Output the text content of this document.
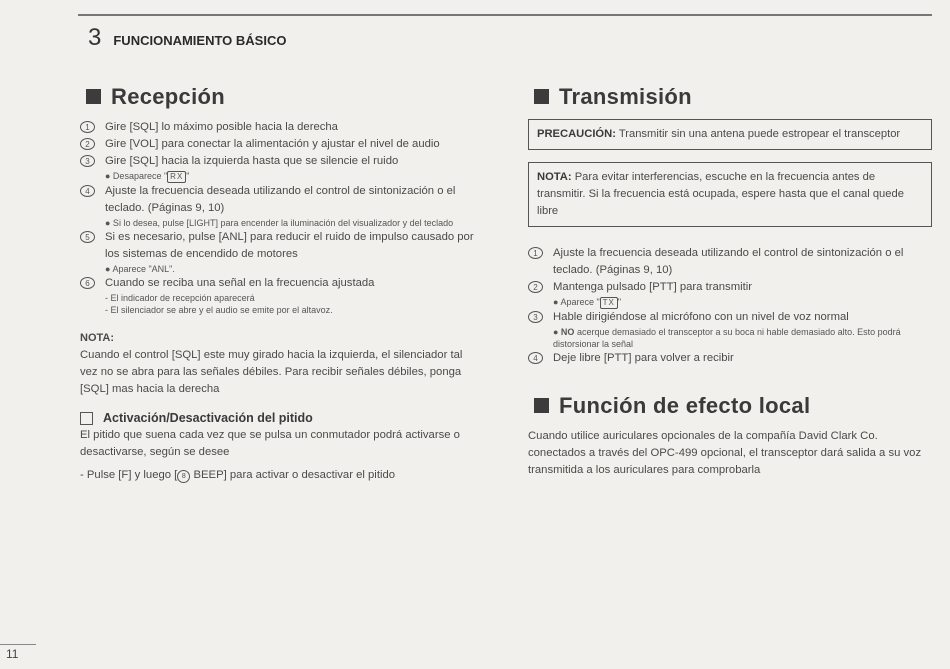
3 FUNCIONAMIENTO BÁSICO
Recepción
1	Gire [SQL] lo máximo posible hacia la derecha
2	Gire [VOL] para conectar la alimentación y ajustar el nivel de audio
3	Gire [SQL] hacia la izquierda hasta que se silencie el ruido
● Desaparece " RX "
4	Ajuste la frecuencia deseada utilizando el control de sintonización o el teclado. (Páginas 9, 10)
● Si lo desea, pulse [LIGHT] para encender la iluminación del visualizador y del teclado
5	Si es necesario, pulse [ANL] para reducir el ruido de impulso causado por los sistemas de encendido de motores
● Aparece "ANL".
6	Cuando se reciba una señal en la frecuencia ajustada
- El indicador de recepción aparecerá
- El silenciador se abre y el audio se emite por el altavoz.
NOTA:
Cuando el control [SQL] este muy girado hacia la izquierda, el silenciador tal vez no se abra para las señales débiles. Para recibir señales débiles, ponga [SQL] mas hacia la derecha
Activación/Desactivación del pitido
El pitido que suena cada vez que se pulsa un conmutador podrá activarse o desactivarse, según se desee
- Pulse [F] y luego [ 8 BEEP] para activar o desactivar el pitido
Transmisión
PRECAUCIÓN: Transmitir sin una antena puede estropear el transceptor
NOTA: Para evitar interferencias, escuche en la frecuencia antes de transmitir. Si la frecuencia está ocupada, espere hasta que el canal quede libre
1	Ajuste la frecuencia deseada utilizando el control de sintonización o el teclado. (Páginas 9, 10)
2	Mantenga pulsado [PTT] para transmitir
● Aparece " TX "
3	Hable dirigiéndose al micrófono con un nivel de voz normal
● NO acerque demasiado el transceptor a su boca ni hable demasiado alto. Esto podrá distorsionar la señal
4	Deje libre [PTT] para volver a recibir
Función de efecto local
Cuando utilice auriculares opcionales de la compañía David Clark Co. conectados a través del OPC-499 opcional, el transceptor dará salida a su voz transmitida a los auriculares para comprobarla
11
